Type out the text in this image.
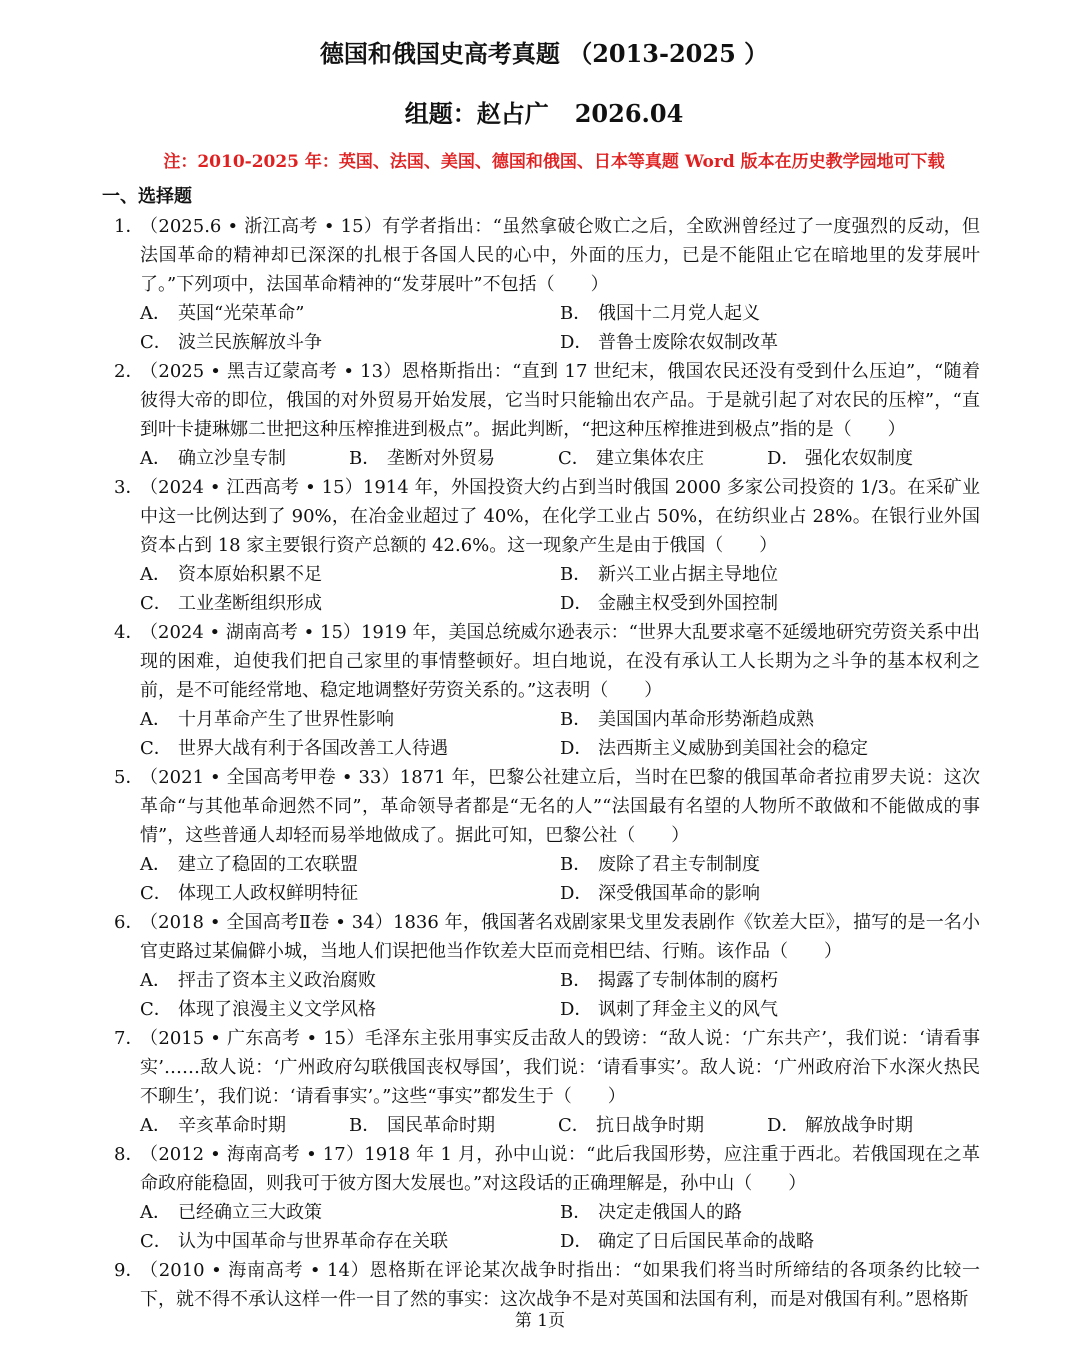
德国和俄国史高考真题 （2013-2025 ）
组题：赵占广 2026.04
注：2010-2025 年：英国、法国、美国、德国和俄国、日本等真题 Word 版本在历史教学园地可下载
一、选择题
1．
（2025.6 • 浙江高考 • 15）有学者指出：“虽然拿破仑败亡之后，全欧洲曾经过了一度强烈的反动，但法国革命的精神却已深深的扎根于各国人民的心中，外面的压力，已是不能阻止它在暗地里的发芽展叶了。”下列项中，法国革命精神的“发芽展叶”不包括（　　）
A． 英国“光荣革命”	B． 俄国十二月党人起义
C． 波兰民族解放斗争	D． 普鲁士废除农奴制改革
2．
（2025 • 黑吉辽蒙高考 • 13）恩格斯指出：“直到 17 世纪末，俄国农民还没有受到什么压迫”，“随着彼得大帝的即位，俄国的对外贸易开始发展，它当时只能输出农产品。于是就引起了对农民的压榨”，“直到叶卡捷琳娜二世把这种压榨推进到极点”。据此判断，“把这种压榨推进到极点”指的是（　　）
A． 确立沙皇专制	B． 垄断对外贸易	C． 建立集体农庄	D． 强化农奴制度
3．
（2024 • 江西高考 • 15）1914 年，外国投资大约占到当时俄国 2000 多家公司投资的 1/3。在采矿业中这一比例达到了 90%，在冶金业超过了 40%，在化学工业占 50%，在纺织业占 28%。在银行业外国资本占到 18 家主要银行资产总额的 42.6%。这一现象产生是由于俄国（　　）
A． 资本原始积累不足	B． 新兴工业占据主导地位
C． 工业垄断组织形成	D． 金融主权受到外国控制
4．
（2024 • 湖南高考 • 15）1919 年，美国总统威尔逊表示：“世界大乱要求毫不延缓地研究劳资关系中出现的困难，迫使我们把自己家里的事情整顿好。坦白地说，在没有承认工人长期为之斗争的基本权利之前，是不可能经常地、稳定地调整好劳资关系的。”这表明（　　）
A． 十月革命产生了世界性影响	B． 美国国内革命形势渐趋成熟
C． 世界大战有利于各国改善工人待遇	D． 法西斯主义威胁到美国社会的稳定
5．
（2021 • 全国高考甲卷 • 33）1871 年，巴黎公社建立后，当时在巴黎的俄国革命者拉甫罗夫说：这次革命“与其他革命迥然不同”，革命领导者都是“无名的人”“法国最有名望的人物所不敢做和不能做成的事情”，这些普通人却轻而易举地做成了。据此可知，巴黎公社（　　）
A． 建立了稳固的工农联盟	B． 废除了君主专制制度
C． 体现工人政权鲜明特征	D． 深受俄国革命的影响
6．
（2018 • 全国高考Ⅱ卷 • 34）1836 年，俄国著名戏剧家果戈里发表剧作《钦差大臣》，描写的是一名小官吏路过某偏僻小城，当地人们误把他当作钦差大臣而竞相巴结、行贿。该作品（　　）
A． 抨击了资本主义政治腐败	B． 揭露了专制体制的腐朽
C． 体现了浪漫主义文学风格	D． 讽刺了拜金主义的风气
7．
（2015 • 广东高考 • 15）毛泽东主张用事实反击敌人的毁谤：“敌人说：‘广东共产’，我们说：‘请看事实’……敌人说：‘广州政府勾联俄国丧权辱国’，我们说：‘请看事实’。敌人说：‘广州政府治下水深火热民不聊生’，我们说：‘请看事实’。”这些“事实”都发生于（　　）
A． 辛亥革命时期	B． 国民革命时期	C． 抗日战争时期	D． 解放战争时期
8．
（2012 • 海南高考 • 17）1918 年 1 月，孙中山说：“此后我国形势，应注重于西北。若俄国现在之革命政府能稳固，则我可于彼方图大发展也。”对这段话的正确理解是，孙中山（　　）
A． 已经确立三大政策	B． 决定走俄国人的路
C． 认为中国革命与世界革命存在关联	D． 确定了日后国民革命的战略
9．
（2010 • 海南高考 • 14）恩格斯在评论某次战争时指出：“如果我们将当时所缔结的各项条约比较一下，就不得不承认这样一件一目了然的事实：这次战争不是对英国和法国有利，而是对俄国有利。”恩格斯
第 1页
